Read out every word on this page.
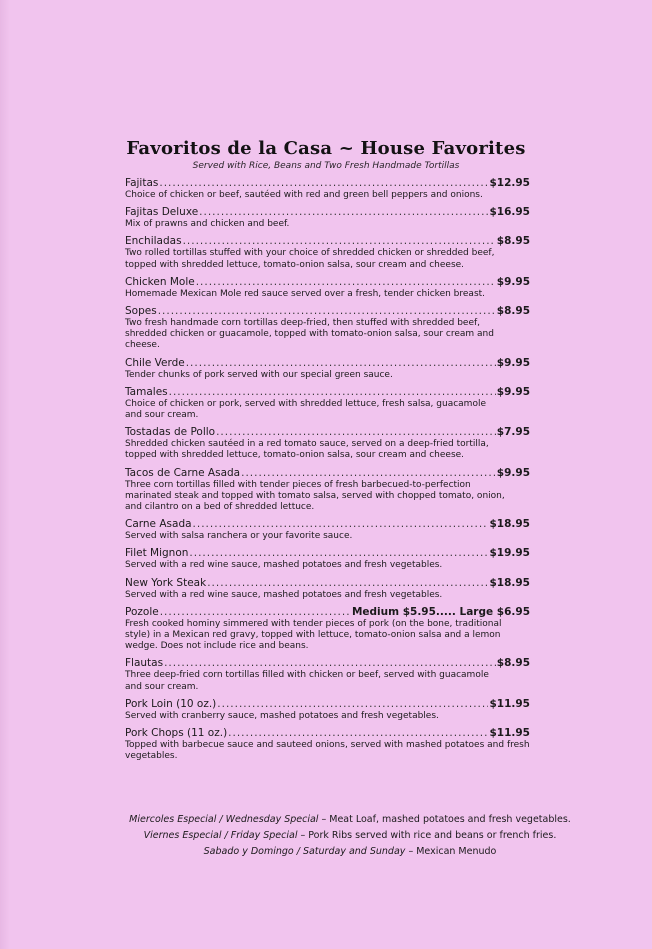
Favoritos de la Casa ~ House Favorites
Served with Rice, Beans and Two Fresh Handmade Tortillas
Fajitas .....	$12.95
Choice of chicken or beef, sautéed with red and green bell peppers and onions.
Fajitas Deluxe .....	$16.95
Mix of prawns and chicken and beef.
Enchiladas .....	$8.95
Two rolled tortillas stuffed with your choice of shredded chicken or shredded beef, topped with shredded lettuce, tomato-onion salsa, sour cream and cheese.
Chicken Mole .....	$9.95
Homemade Mexican Mole red sauce served over a fresh, tender chicken breast.
Sopes .....	$8.95
Two fresh handmade corn tortillas deep-fried, then stuffed with shredded beef, shredded chicken or guacamole, topped with tomato-onion salsa, sour cream and cheese.
Chile Verde .....	$9.95
Tender chunks of pork served with our special green sauce.
Tamales .....	$9.95
Choice of chicken or pork, served with shredded lettuce, fresh salsa, guacamole and sour cream.
Tostadas de Pollo .....	$7.95
Shredded chicken sautéed in a red tomato sauce, served on a deep-fried tortilla, topped with shredded lettuce, tomato-onion salsa, sour cream and cheese.
Tacos de Carne Asada .....	$9.95
Three corn tortillas filled with tender pieces of fresh barbecued-to-perfection marinated steak and topped with tomato salsa, served with chopped tomato, onion, and cilantro on a bed of shredded lettuce.
Carne Asada .....	$18.95
Served with salsa ranchera or your favorite sauce.
Filet Mignon .....	$19.95
Served with a red wine sauce, mashed potatoes and fresh vegetables.
New York Steak .....	$18.95
Served with a red wine sauce, mashed potatoes and fresh vegetables.
Pozole .....	Medium $5.95..... Large $6.95
Fresh cooked hominy simmered with tender pieces of pork (on the bone, traditional style) in a Mexican red gravy, topped with lettuce, tomato-onion salsa and a lemon wedge. Does not include rice and beans.
Flautas .....	$8.95
Three deep-fried corn tortillas filled with chicken or beef, served with guacamole and sour cream.
Pork Loin (10 oz.) .....	$11.95
Served with cranberry sauce, mashed potatoes and fresh vegetables.
Pork Chops (11 oz.) .....	$11.95
Topped with barbecue sauce and sauteed onions, served with mashed potatoes and fresh vegetables.
Miercoles Especial / Wednesday Special – Meat Loaf, mashed potatoes and fresh vegetables.
Viernes Especial / Friday Special – Pork Ribs served with rice and beans or french fries.
Sabado y Domingo / Saturday and Sunday – Mexican Menudo
